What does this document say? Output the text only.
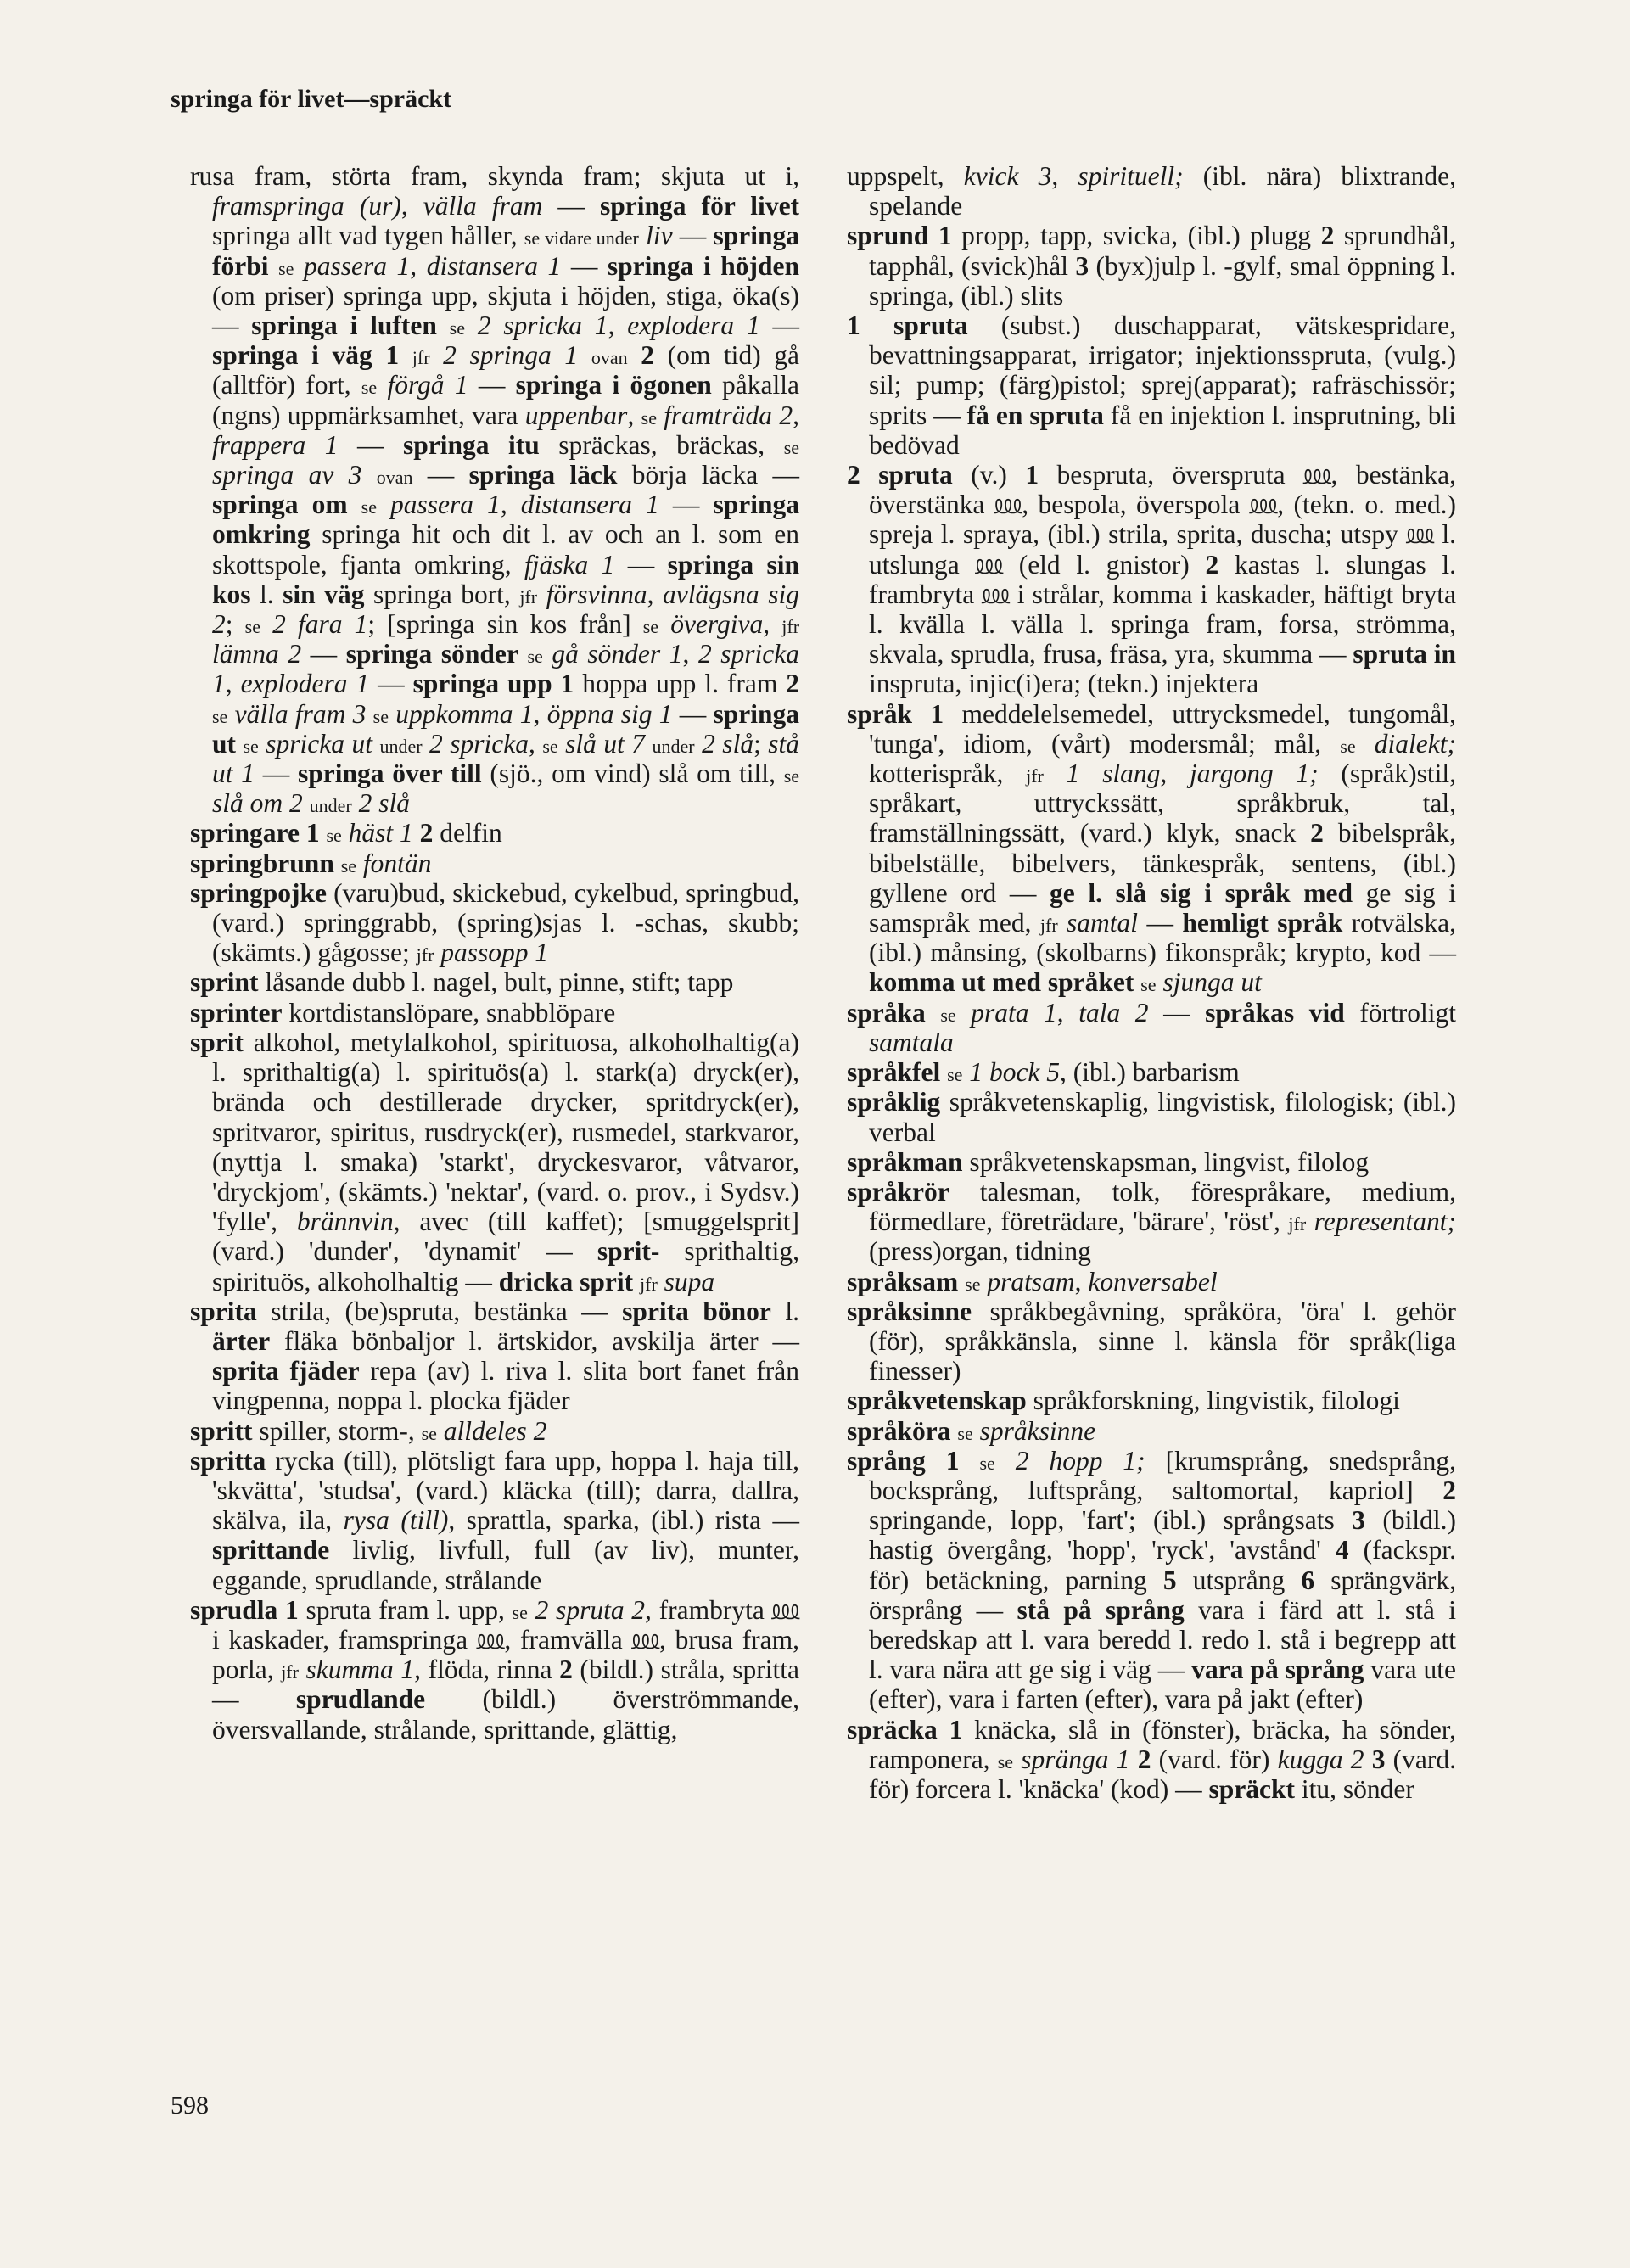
springa för livet—spräckt

rusa fram, störta fram, skynda fram; skjuta ut i, framspringa (ur), välla fram — springa för livet springa allt vad tygen håller, se vidare under liv — springa förbi se passera 1, distansera 1 — springa i höjden (om priser) springa upp, skjuta i höjden, stiga, öka(s) — springa i luften se 2 spricka 1, explodera 1 — springa i väg 1 jfr 2 springa 1 ovan 2 (om tid) gå (alltför) fort, se förgå 1 — springa i ögonen påkalla (ngns) uppmärksamhet, vara uppenbar, se framträda 2, frappera 1 — springa itu spräckas, bräckas, se springa av 3 ovan — springa läck börja läcka — springa om se passera 1, distansera 1 — springa omkring springa hit och dit l. av och an l. som en skottspole, fjanta omkring, fjäska 1 — springa sin kos l. sin väg springa bort, jfr försvinna, avlägsna sig 2; se 2 fara 1; [springa sin kos från] se övergiva, jfr lämna 2 — springa sönder se gå sönder 1, 2 spricka 1, explodera 1 — springa upp 1 hoppa upp l. fram 2 se välla fram 3 se uppkomma 1, öppna sig 1 — springa ut se spricka ut under 2 spricka, se slå ut 7 under 2 slå; stå ut 1 — springa över till (sjö., om vind) slå om till, se slå om 2 under 2 slå

springare 1 se häst 1 2 delfin

springbrunn se fontän

springpojke (varu)bud, skickebud, cykelbud, springbud, (vard.) springgrabb, (spring)sjas l. -schas, skubb; (skämts.) gågosse; jfr passopp 1

sprint låsande dubb l. nagel, bult, pinne, stift; tapp

sprinter kortdistanslöpare, snabblöpare

sprit alkohol, metylalkohol, spirituosa, alkoholhaltig(a) l. sprithaltig(a) l. spirituös(a) l. stark(a) dryck(er), brända och destillerade drycker, spritdryck(er), spritvaror, spiritus, rusdryck(er), rusmedel, starkvaror, (nyttja l. smaka) 'starkt', dryckesvaror, våtvaror, 'dryckjom', (skämts.) 'nektar', (vard. o. prov., i Sydsv.) 'fylle', brännvin, avec (till kaffet); [smuggelsprit] (vard.) 'dunder', 'dynamit' — sprit- sprithaltig, spirituös, alkoholhaltig — dricka sprit jfr supa

sprita strila, (be)spruta, bestänka — sprita bönor l. ärter fläka bönbaljor l. ärtskidor, avskilja ärter — sprita fjäder repa (av) l. riva l. slita bort fanet från vingpenna, noppa l. plocka fjäder

spritt spiller, storm-, se alldeles 2

spritta rycka (till), plötsligt fara upp, hoppa l. haja till, 'skvätta', 'studsa', (vard.) kläcka (till); darra, dallra, skälva, ila, rysa (till), sprattla, sparka, (ibl.) rista — sprittande livlig, livfull, full (av liv), munter, eggande, sprudlande, strålande

sprudla 1 spruta fram l. upp, se 2 spruta 2, frambryta ⅏ i kaskader, framspringa ⅏, framvälla ⅏, brusa fram, porla, jfr skumma 1, flöda, rinna 2 (bildl.) stråla, spritta — sprudlande (bildl.) överströmmande, översvallande, strålande, sprittande, glättig,

uppspelt, kvick 3, spirituell; (ibl. nära) blixtrande, spelande

sprund 1 propp, tapp, svicka, (ibl.) plugg 2 sprundhål, tapphål, (svick)hål 3 (byx)julp l. -gylf, smal öppning l. springa, (ibl.) slits

1 spruta (subst.) duschapparat, vätskespridare, bevattningsapparat, irrigator; injektionsspruta, (vulg.) sil; pump; (färg)pistol; sprej(apparat); rafräschissör; sprits — få en spruta få en injektion l. insprutning, bli bedövad

2 spruta (v.) 1 bespruta, överspruta ⅏, bestänka, överstänka ⅏, bespola, överspola ⅏, (tekn. o. med.) spreja l. spraya, (ibl.) strila, sprita, duscha; utspy ⅏ l. utslunga ⅏ (eld l. gnistor) 2 kastas l. slungas l. frambryta ⅏ i strålar, komma i kaskader, häftigt bryta l. kvälla l. välla l. springa fram, forsa, strömma, skvala, sprudla, frusa, fräsa, yra, skumma — spruta in inspruta, injic(i)era; (tekn.) injektera

språk 1 meddelelsemedel, uttrycksmedel, tungomål, 'tunga', idiom, (vårt) modersmål; mål, se dialekt; kotterispråk, jfr 1 slang, jargong 1; (språk)stil, språkart, uttryckssätt, språkbruk, tal, framställningssätt, (vard.) klyk, snack 2 bibelspråk, bibelställe, bibelvers, tänkespråk, sentens, (ibl.) gyllene ord — ge l. slå sig i språk med ge sig i samspråk med, jfr samtal — hemligt språk rotvälska, (ibl.) månsing, (skolbarns) fikonspråk; krypto, kod — komma ut med språket se sjunga ut

språka se prata 1, tala 2 — språkas vid förtroligt samtala

språkfel se 1 bock 5, (ibl.) barbarism

språklig språkvetenskaplig, lingvistisk, filologisk; (ibl.) verbal

språkman språkvetenskapsman, lingvist, filolog

språkrör talesman, tolk, förespråkare, medium, förmedlare, företrädare, 'bärare', 'röst', jfr representant; (press)organ, tidning

språksam se pratsam, konversabel

språksinne språkbegåvning, språköra, 'öra' l. gehör (för), språkkänsla, sinne l. känsla för språk(liga finesser)

språkvetenskap språkforskning, lingvistik, filologi

språköra se språksinne

språng 1 se 2 hopp 1; [krumsprång, snedsprång, bocksprång, luftsprång, saltomortal, kapriol] 2 springande, lopp, 'fart'; (ibl.) språngsats 3 (bildl.) hastig övergång, 'hopp', 'ryck', 'avstånd' 4 (fackspr. för) betäckning, parning 5 utsprång 6 sprängvärk, örsprång — stå på språng vara i färd att l. stå i beredskap att l. vara beredd l. redo l. stå i begrepp att l. vara nära att ge sig i väg — vara på språng vara ute (efter), vara i farten (efter), vara på jakt (efter)

spräcka 1 knäcka, slå in (fönster), bräcka, ha sönder, ramponera, se spränga 1 2 (vard. för) kugga 2 3 (vard. för) forcera l. 'knäcka' (kod) — spräckt itu, sönder

598
